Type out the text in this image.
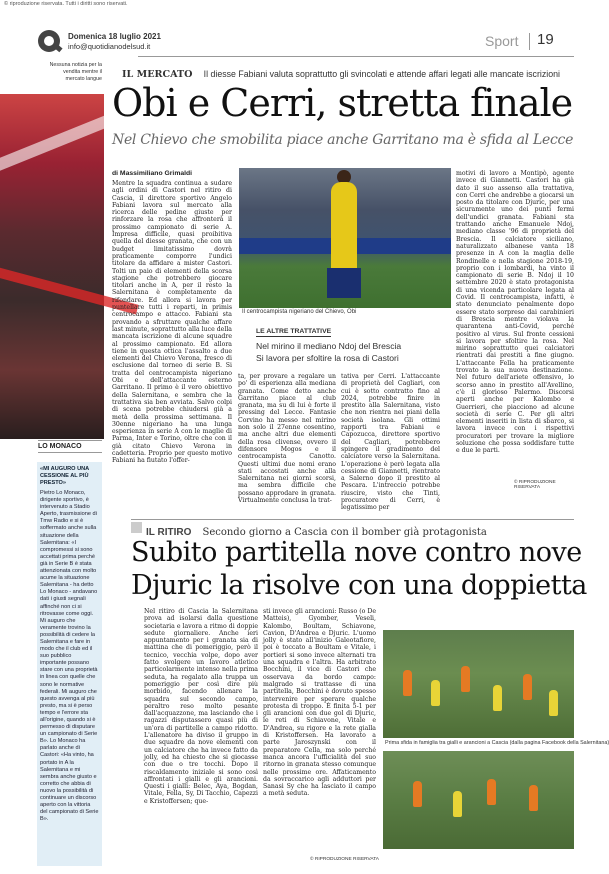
© riproduzione riservata. Tutti i diritti sono riservati.
Domenica 18 luglio 2021
info@quotidianodelsud.it	Sport 19
Nessuna notizia per la vendita mentre il mercato langue
LO MONACO
«MI AUGURO UNA CESSIONE AL PIÙ PRESTO»
Pietro Lo Monaco, dirigente sportivo, è intervenuto a Stadio Aperto, trasmissione di Tmw Radio e si è soffermato anche sulla situazione della Salernitana: «I compromessi si sono accettati prima perché già in Serie B è stata attenzionata con molto acume la situazione Salernitana - ha detto Lo Monaco - andavano dati i giusti segnali affinché non ci si ritrovasse come oggi. Mi auguro che veramente trovino la possibilità di cedere la Salernitana e fare in modo che il club ed il suo pubblico importante possano stare con una proprietà in linea con quelle che sono le normative federali. Mi auguro che questo avvenga al più presto, ma si è perso tempo e l'errore sta all'origine, quando si è permesso di disputare un campionato di Serie B». Lo Monaco ha parlato anche di Castori: «Ha vinto, ha portato in A la Salernitana e mi sembra anche giusto e corretto che abbia di nuovo la possibilità di continuare un discorso aperto con la vittoria del campionato di Serie B».
IL MERCATO Il diesse Fabiani valuta soprattutto gli svincolati e attende affari legati alle mancate iscrizioni
Obi e Cerri, stretta finale
Nel Chievo che smobilita piace anche Garritano ma è sfida al Lecce
di Massimiliano Grimaldi
Mentre la squadra continua a sudare agli ordini di Castori nel ritiro di Cascia, il direttore sportivo Angelo Fabiani lavora sul mercato alla ricerca delle pedine giuste per rinforzare la rosa che affronterà il prossimo campionato di serie A. Impresa difficile, quasi proibitiva quella del diesse granata, che con un budget limitatissimo dovrà praticamente comporre l'undici titolare da affidare a mister Castori. Tolti un paio di elementi della scorsa stagione che potrebbero giocare titolari anche in A, per il resto la Salernitana è completamente da rifondare. Ed allora si lavora per puntellare tutti i reparti, in primis centrocampo e attacco. Fabiani sta provando a sfruttare qualche affare last minute, soprattutto alla luce della mancata iscrizione di alcune squadre al prossimo campionato. Ed allora tiene in questa ottica l'assalto a due elementi del Chievo Verona, fresco di esclusione dal torneo di serie B. Si tratta del centrocampista nigeriano Obi e dell'attaccante esterno Garritano. Il primo è il vero obiettivo della Salernitana, e sembra che la trattativa sia ben avviata. Salvo colpi di scena potrebbe chiudersi già a metà della prossima settimana. Il 30enne nigeriano ha una lunga esperienza in serie A con le maglie di Parma, Inter e Torino, oltre che con il già citato Chievo Verona in cadetteria. Proprio per questo motivo Fabiani ha fiutato l'offer-
Il centrocampista nigeriano del Chievo, Obi
LE ALTRE TRATTATIVE
Nel mirino il mediano Ndoj del Brescia
Si lavora per sfoltire la rosa di Castori
ta, per provare a regalare un po' di esperienza alla mediana granata. Come detto anche Garritano piace al club granata, ma su di lui è forte il pressing del Lecce. Fantasie Corvino ha messo nel mirino non solo il 27enne cosentino, ma anche altri due elementi della rosa clivense, ovvero il difensore Mogos e il centrocampista Canotto. Questi ultimi due nomi erano stati accostati anche alla Salernitana nei giorni scorsi, ma sembra difficile che possano approdare in granata. Virtualmente conclusa la trat-
tativa per Cerri. L'attaccante di proprietà del Cagliari, con cui è sotto contratto fino al 2024, potrebbe finire in prestito alla Salernitana, visto che non rientra nei piani della società isolana. Gli ottimi rapporti tra Fabiani e Capozucca, direttore sportivo del Cagliari, potrebbero spingere il gradimento del calciatore verso la Salernitana. L'operazione è però legata alla cessione di Giannetti, rientrato a Salerno dopo il prestito al Pescara. L'intreccio potrebbe riuscire, visto che Tinti, procuratore di Cerri, è legatissimo per
motivi di lavoro a Montipò, agente invece di Giannetti. Castori ha già dato il suo assenso alla trattativa, con Cerri che andrebbe a giocarsi un posto da titolare con Djuric, per una sicuramente uno dei punti fermi dell'undici granata. Fabiani sta trattando anche Emanuele Ndoj, mediano classe '96 di proprietà del Brescia. Il calciatore siciliano, naturalizzato albanese vanta 18 presenze in A con la maglia delle Rondinelle e nella stagione 2018-19, proprio con i lombardi, ha vinto il campionato di serie B. Ndoj il 10 settembre 2020 è stato protagonista di una vicenda particolare legata al Covid. Il centrocampista, infatti, è stato denunciato penalmente dopo essere stato sorpreso dai carabinieri di Brescia mentre violava la quarantena anti-Covid, perché positivo al virus. Sul fronte cessioni si lavora per sfoltire la rosa. Nel mirino soprattutto quei calciatori rientrati dai prestiti a fine giugno. L'attaccante Fella ha praticamente trovato la sua nuova destinazione. Nel futuro dell'ariete offensivo, lo scorso anno in prestito all'Avellino, c'è il glorioso Palermo. Discorsi aperti anche per Kalombo e Guerrieri, che piacciono ad alcune società di serie C. Per gli altri elementi inseriti in lista di sbarco, si lavora invece con i rispettivi procuratori per trovare la migliore soluzione che possa soddisfare tutte e due le parti.
© RIPRODUZIONE RISERVATA
IL RITIRO Secondo giorno a Cascia con il bomber già protagonista
Subito partitella nove contro nove
Djuric la risolve con una doppietta
Nel ritiro di Cascia la Salernitana prova ad isolarsi dalla questione societaria e lavora a ritmo di doppie sedute giornaliere. Anche ieri appuntamento per i granata sia di mattina che di pomeriggio, però il tecnico, vecchia volpe, dopo aver fatto svolgere un lavoro atletico particolarmente intenso nella prima seduta, ha regalato alla truppa un pomeriggio per così dire più morbido, facendo allenare la squadra sul secondo campo, peraltro reso molto pesante dall'acquazzone, ma lasciando che i ragazzi disputassero quasi più di un'ora di partitelle a campo ridotto. L'allenatore ha diviso il gruppo in due squadre da nove elementi con un calciatore che ha invece fatto da jolly, ed ha chiesto che si giocasse con due o tre tocchi. Dopo il riscaldamento iniziale si sono così affrontati i gialli e gli arancioni. Questi i gialli: Belec, Aya, Bogdan, Vitale, Fella, Sy, Di Tacchio, Capezzi e Kristoffersen; que-
sti invece gli arancioni: Russo (o De Matteis), Gyomber, Veseli, Kalombo, Boultam, Schiavone, Cavion, D'Andrea e Djuric. L'uomo jolly è stato all'inizio Galeotafiore, poi è toccato a Boultam e Vitale, i portieri si sono invece alternati tra una squadra e l'altra. Ha arbitrato Bocchini, il vice di Castori che osservava da bordo campo: malgrado si trattasse di una partitella, Bocchini è dovuto spesso intervenire per sperare qualche protesta di troppo. È finita 5-1 per gli arancioni con due gol di Djuric, le reti di Schiavone, Vitale e D'Andrea, su rigore e la rete gialla di Kristoffersen. Ha lavorato a parte Jaroszynski con il preparatore Cella, ma solo perché manca ancora l'ufficialità del suo ritorno in granata stesso comunque nelle prossime ore. Affaticamento da sovraccarico agli adduttori per Sanasi Sy che ha lasciato il campo a metà seduta.
© RIPRODUZIONE RISERVATA
Prima sfida in famiglia tra gialli e arancioni a Cascia (dalla pagina Facebook della Salernitana)
